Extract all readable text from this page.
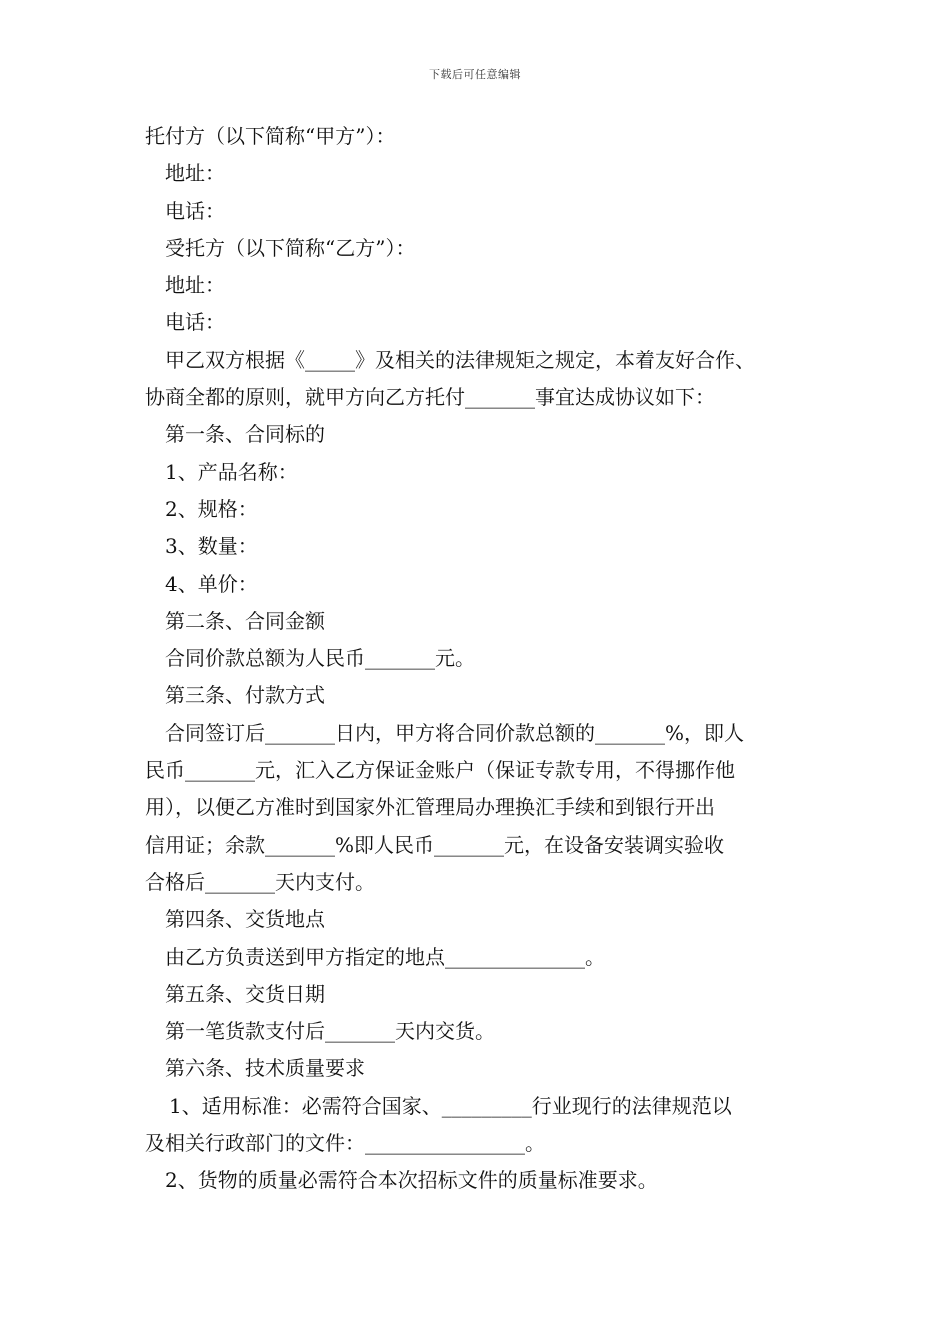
下载后可任意编辑
托付方（以下简称“甲方”）：
地址：
电话：
受托方（以下简称“乙方”）：
地址：
电话：
甲乙双方根据《_____》及相关的法律规矩之规定，本着友好合作、
协商全都的原则，就甲方向乙方托付_______事宜达成协议如下：
第一条、合同标的
1、产品名称：
2、规格：
3、数量：
4、单价：
第二条、合同金额
合同价款总额为人民币_______元。
第三条、付款方式
合同签订后_______日内，甲方将合同价款总额的_______%，即人
民币_______元，汇入乙方保证金账户（保证专款专用，不得挪作他
用），以便乙方准时到国家外汇管理局办理换汇手续和到银行开出
信用证；余款_______%即人民币_______元，在设备安装调实验收
合格后_______天内支付。
第四条、交货地点
由乙方负责送到甲方指定的地点______________。
第五条、交货日期
第一笔货款支付后_______天内交货。
第六条、技术质量要求
1、适用标准：必需符合国家、_________行业现行的法律规范以
及相关行政部门的文件：________________。
2、货物的质量必需符合本次招标文件的质量标准要求。
